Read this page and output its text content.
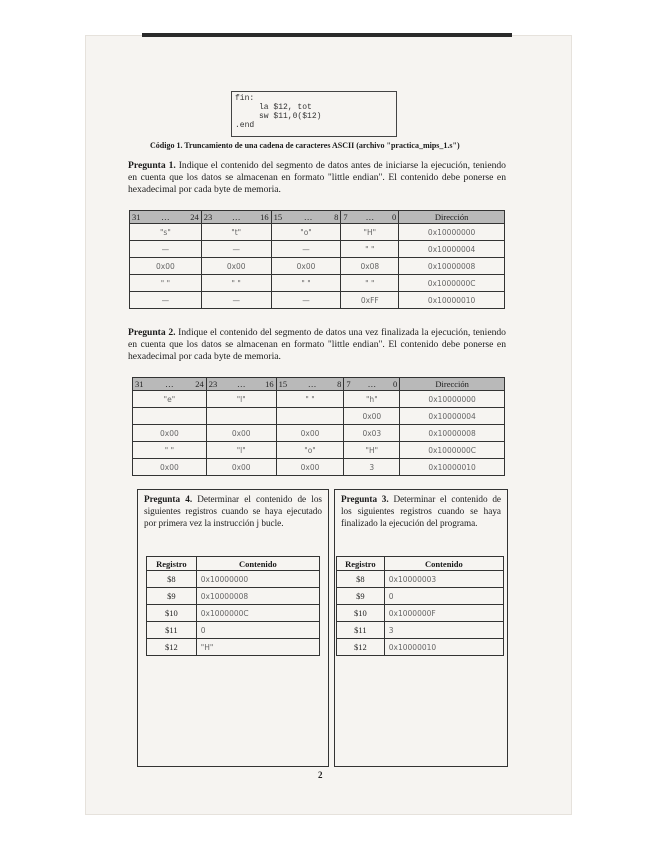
fin:
la $12, tot
sw $11,0($12)
.end
Código 1. Truncamiento de una cadena de caracteres ASCII (archivo "practica_mips_1.s")
Pregunta 1. Indique el contenido del segmento de datos antes de iniciarse la ejecución, teniendo en cuenta que los datos se almacenan en formato "little endian". El contenido debe ponerse en hexadecimal por cada byte de memoria.
31 … 24	23 … 16	15 … 8	7 … 0	Dirección
"s"	"t"	"o"	"H"	0x10000000
—	—	—	" "	0x10000004
0x00	0x00	0x00	0x08	0x10000008
" "	" "	" "	" "	0x1000000C
—	—	—	0xFF	0x10000010
Pregunta 2. Indique el contenido del segmento de datos una vez finalizada la ejecución, teniendo en cuenta que los datos se almacenan en formato "little endian". El contenido debe ponerse en hexadecimal por cada byte de memoria.
31 … 24	23 … 16	15 … 8	7 … 0	Dirección
"e"	"l"	" "	"h"	0x10000000
			0x00	0x10000004
0x00	0x00	0x00	0x03	0x10000008
" "	"l"	"o"	"H"	0x1000000C
0x00	0x00	0x00	3	0x10000010
Pregunta 4. Determinar el contenido de los siguientes registros cuando se haya ejecutado por primera vez la instrucción j bucle.
Registro	Contenido
$8	0x10000000
$9	0x10000008
$10	0x1000000C
$11	0
$12	"H"
Pregunta 3. Determinar el contenido de los siguientes registros cuando se haya finalizado la ejecución del programa.
Registro	Contenido
$8	0x10000003
$9	0
$10	0x1000000F
$11	3
$12	0x10000010
2
